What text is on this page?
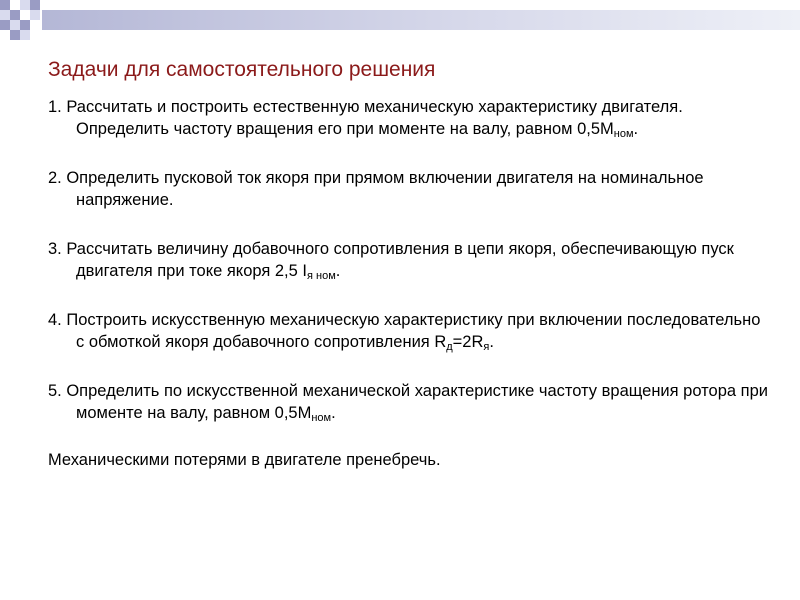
Задачи для самостоятельного решения
1. Рассчитать и построить естественную механическую характеристику двигателя. Определить частоту вращения его при моменте на валу, равном $0,5М_{ном}$.
2. Определить пусковой ток якоря при прямом включении двигателя на номинальное напряжение.
3. Рассчитать величину добавочного сопротивления в цепи якоря, обеспечивающую пуск двигателя при токе якоря 2,5 $I_{я ном}$.
4. Построить искусственную механическую характеристику при включении последовательно с обмоткой якоря добавочного сопротивления $R_д=2R_я$.
5. Определить по искусственной механической характеристике частоту вращения ротора при моменте на валу, равном $0,5М_{ном}$.
Механическими потерями в двигателе пренебречь.
